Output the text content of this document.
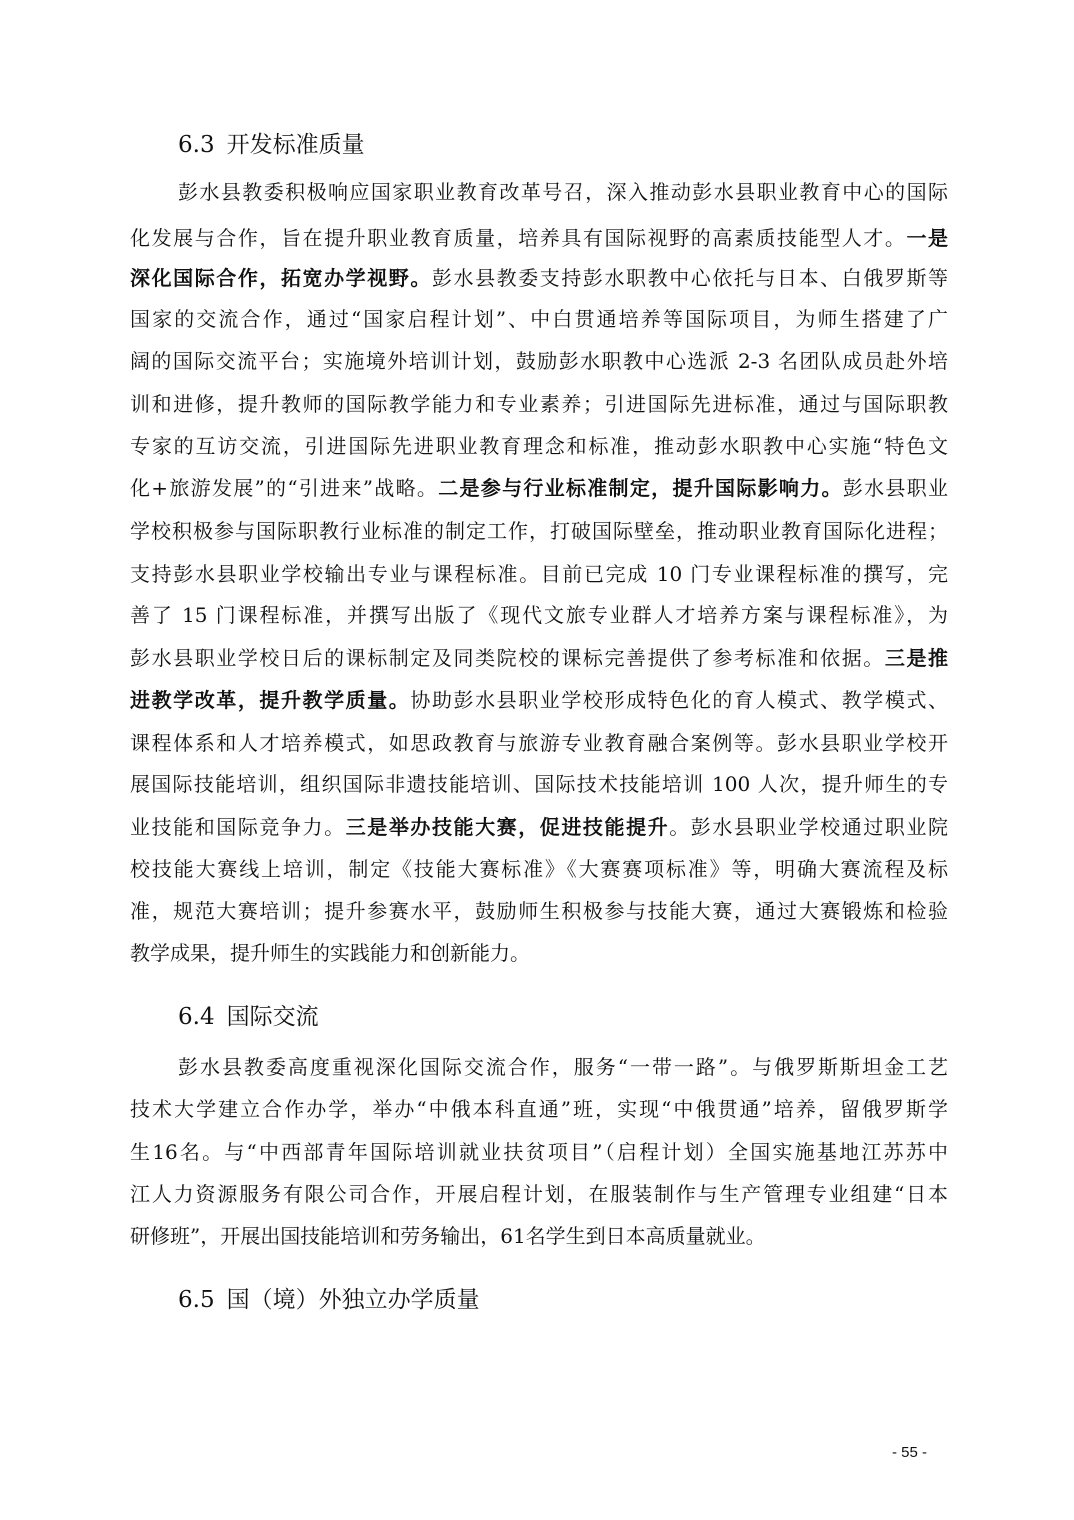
6.3 开发标准质量

彭水县教委积极响应国家职业教育改革号召，深入推动彭水县职业教育中心的国际

化发展与合作，旨在提升职业教育质量，培养具有国际视野的高素质技能型人才。一是

深化国际合作，拓宽办学视野。彭水县教委支持彭水职教中心依托与日本、白俄罗斯等

国家的交流合作，通过“国家启程计划”、中白贯通培养等国际项目，为师生搭建了广

阔的国际交流平台；实施境外培训计划，鼓励彭水职教中心选派 2-3 名团队成员赴外培

训和进修，提升教师的国际教学能力和专业素养；引进国际先进标准，通过与国际职教

专家的互访交流，引进国际先进职业教育理念和标准，推动彭水职教中心实施“特色文

化+旅游发展”的“引进来”战略。二是参与行业标准制定，提升国际影响力。彭水县职业

学校积极参与国际职教行业标准的制定工作，打破国际壁垒，推动职业教育国际化进程；

支持彭水县职业学校输出专业与课程标准。目前已完成 10 门专业课程标准的撰写，完

善了 15 门课程标准，并撰写出版了《现代文旅专业群人才培养方案与课程标准》，为

彭水县职业学校日后的课标制定及同类院校的课标完善提供了参考标准和依据。三是推

进教学改革，提升教学质量。协助彭水县职业学校形成特色化的育人模式、教学模式、

课程体系和人才培养模式，如思政教育与旅游专业教育融合案例等。彭水县职业学校开

展国际技能培训，组织国际非遗技能培训、国际技术技能培训 100 人次，提升师生的专

业技能和国际竞争力。三是举办技能大赛，促进技能提升。彭水县职业学校通过职业院

校技能大赛线上培训，制定《技能大赛标准》《大赛赛项标准》等，明确大赛流程及标

准，规范大赛培训；提升参赛水平，鼓励师生积极参与技能大赛，通过大赛锻炼和检验

教学成果，提升师生的实践能力和创新能力。

6.4 国际交流

彭水县教委高度重视深化国际交流合作，服务“一带一路”。与俄罗斯斯坦金工艺

技术大学建立合作办学，举办“中俄本科直通”班，实现“中俄贯通”培养，留俄罗斯学

生16名。与“中西部青年国际培训就业扶贫项目”（启程计划）全国实施基地江苏苏中

江人力资源服务有限公司合作，开展启程计划，在服装制作与生产管理专业组建“日本

研修班”，开展出国技能培训和劳务输出，61名学生到日本高质量就业。

6.5 国（境）外独立办学质量
- 55 -
